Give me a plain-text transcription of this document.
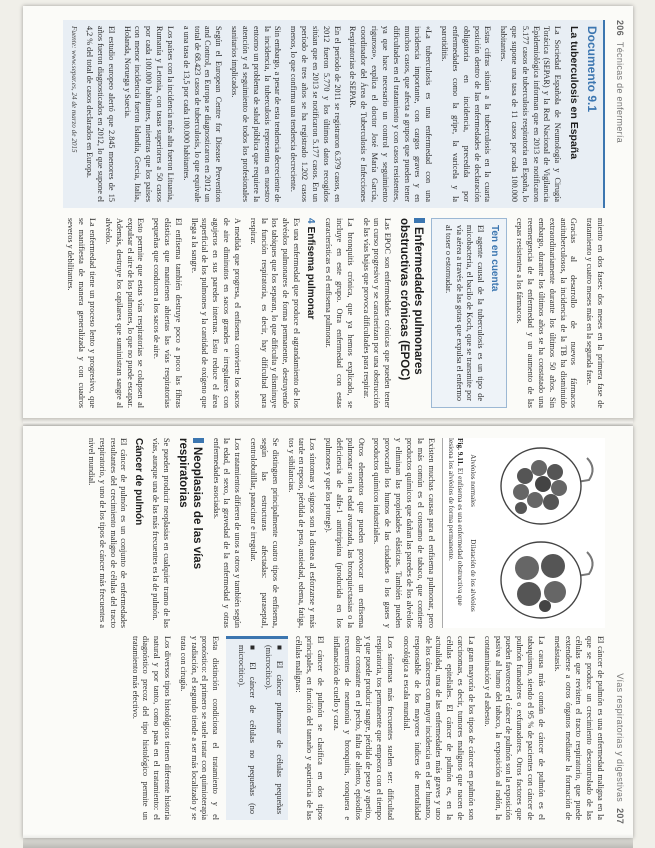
206Técnicas de enfermería
Documento 9.1
La tuberculosis en España

La Sociedad Española de Neumología y Cirugía Torácica (SEPAR) y la Red Nacional de Vigilancia Epidemiológica informan que en 2013 se notificaron 5.177 casos de tuberculosis respiratoria en España, lo que supone una tasa de 11 casos por cada 100.000 habitantes.

Estas cifras sitúan a la tuberculosis en la cuarta posición dentro de las enfermedades de declaración obligatoria en incidencia, precedida por enfermedades como la gripe, la varicela y la parotiditis.

«La tuberculosis es una enfermedad con una incidencia importante, con cargos graves y en muchos casos, que afecta a grupos que pueden tener dificultades en el tratamiento y con casos resistentes, ya que hace necesario un control y seguimiento riguroso», explica el doctor José María García, coordinador del Área de Tuberculosis e Infecciones Respiratorias de SEPAR.

En el período de 2011 se registraron 6.379 casos, en 2012 fueron 5.770 y los últimos datos recogidos sitúan que en 2013 se notificaron 5.177 casos. En un período de tres años se ha registrado 1.202 casos menos, lo que confirma una tendencia decreciente.

Sin embargo, a pesar de esta tendencia decreciente de la incidencia, la tuberculosis representa en nuestro entorno un problema de salud pública que requiere la atención y el seguimiento de todos los profesionales sanitarios implicados.

Según el European Centre for Disease Prevention and Control, en Europa se diagnosticaron en 2012 un total de 68.423 casos de tuberculosis, lo que equivale a una tasa de 13,5 por cada 100.000 habitantes.

Los países con la incidencia más alta fueron Lituania, Rumanía y Letonia, con tasas superiores a 50 casos por cada 100.000 habitantes, mientras que los países con menor incidencia fueron Islandia, Grecia, Italia, Holanda, Noruega y Suecia.

El estudio europeo alertó que 2.845 menores de 15 años fueron diagnosticados en 2012, lo que supone el 4,2 % del total de casos declarados en Europa.

Fuente: www.separ.es, 24 de marzo de 2015

miento en dos fases: dos meses en la primera fase de tratamiento y cuatro meses más en la segunda fase.

Gracias al desarrollo de nuevos fármacos antituberculosos, la incidencia de la TB ha disminuido extraordinariamente durante los últimos 50 años. Sin embargo, durante los últimos años se ha constatado una reemergencia de la enfermedad y un aumento de las cepas resistentes a los fármacos.

Ten en cuenta

El agente causal de la tuberculosis es un tipo de micobacteria, el bacilo de Koch, que se transmite por vía aérea a través de las gotas que expulsa el enfermo al toser o estornudar.

Enfermedades pulmonares obstructivas crónicas (EPOC)

Las EPOC son enfermedades crónicas que pueden tener un curso progresivo y se caracterizan por una obstrucción de las vías bajas que provoca dificultades para respirar.

La bronquitis crónica, que ya hemos explicado, se incluye en este grupo. Otra enfermedad con estas características es el enfisema pulmonar.

4Enfisema pulmonar

Es una enfermedad que produce el agrandamiento de los alvéolos pulmonares de forma permanente, destruyendo los tabiques que los separan, lo que dificulta y disminuye la función respiratoria, es decir, hay dificultad para respirar.

A medida que progresa, el enfisema convierte los sacos de aire diminutos en sacos grandes e irregulares con agujeros en sus paredes internas. Esto reduce el área superficial de los pulmones y la cantidad de oxígeno que llega a la sangre.

El enfisema también destruye poco a poco las fibras elásticas que mantienen abiertas las vías respiratorias pequeñas que conducen a los sacos de aire.

Esto permite que estas vías respiratorias se colapsen al expulsar el aire de los pulmones, lo que no puede escapar. Además, destruye los capilares que suministran sangre al alvéolo.

La enfermedad tiene un proceso lento y progresivo, que se manifiesta de manera generalizada y con cuadros severos y debilitantes.

Vías respiratorias y digestivas207
Alvéolos normales
Dilatación de los alvéolos
Fig. 9.11. El enfisema es una enfermedad obstructiva que lesiona los alvéolos de forma permanente.

Existen muchas causas para el enfisema pulmonar, pero la más común es el consumo de tabaco, que contiene productos químicos que dañan las paredes de los alvéolos y eliminan las propiedades elásticas. También pueden provocarlo los humos de las ciudades o los gases y productos químicos industriales.

Otros elementos que pueden provocar un enfisema pulmonar son la edad avanzada, las bronquiectasias o la deficiencia de alfa-1 antitripsina (producida en los pulmones y que los protege).

Los síntomas y signos son la disnea al esforzarse y más tarde en reposo, pérdida de peso, ansiedad, edema, fatiga, tos y sibilancias.

Se distinguen principalmente cuatro tipos de enfisema, según las estructuras afectadas: paraseptal, centrolobulillar, panacinar e irregular.

Los tratamientos difieren de unos a otros y también según la edad, el sexo, la gravedad de la enfermedad y otras enfermedades asociadas.

Neoplasias de las vías respiratorias

Se pueden producir neoplasias en cualquier tramo de las vías, aunque una de las más frecuentes es la de pulmón.

Cáncer de pulmón

El cáncer de pulmón es un conjunto de enfermedades resultantes del crecimiento maligno de células del tracto respiratorio, y uno de los tipos de cáncer más frecuentes a nivel mundial.

El cáncer de pulmón es una enfermedad maligna en la que se produce un crecimiento descontrolado de las células que revisten el tracto respiratorio, que puede extenderse a otros órganos mediante la formación de metástasis.

La causa más común de cáncer de pulmón es el tabaquismo, siendo el 95 % de pacientes con cáncer de pulmón fumadores o exfumadores. Otros factores que pueden favorecer el cáncer de pulmón son la exposición pasiva al humo del tabaco, la exposición al radón, la contaminación y el asbesto.

La gran mayoría de los tipos de cáncer en pulmón son carcinomas, es decir, tumores malignos que nacen de células epiteliales. El cáncer de pulmón es, en la actualidad, una de las enfermedades más graves y uno de los cánceres con mayor incidencia en el ser humano, responsable de los mayores índices de mortalidad oncológica a escala mundial.

Los síntomas más frecuentes suelen ser: dificultad respiratoria, tos permanente que empeora con el tiempo y que puede producir sangre, pérdida de peso y apetito, dolor constante en el pecho, falta de aliento, episodios recurrentes de neumonía y bronquitis, ronquera e inflamación de cuello y cara.

El cáncer de pulmón se clasifica en dos tipos principales, en función del tamaño y apariencia de las células malignas:

■ El cáncer pulmonar de células pequeñas (microcítico).

■ El cáncer de células no pequeñas (no microcítico).

Esta distinción condiciona el tratamiento y el pronóstico: el primero se suele tratar con quimioterapia y radiación, el segundo tiende a ser más localizado y se trata con cirugía.

Los diversos tipos histológicos tienen diferente historia natural y por tanto, como pasa en el tratamiento: el diagnóstico precoz del tipo histológico permite un tratamiento más efectivo.
